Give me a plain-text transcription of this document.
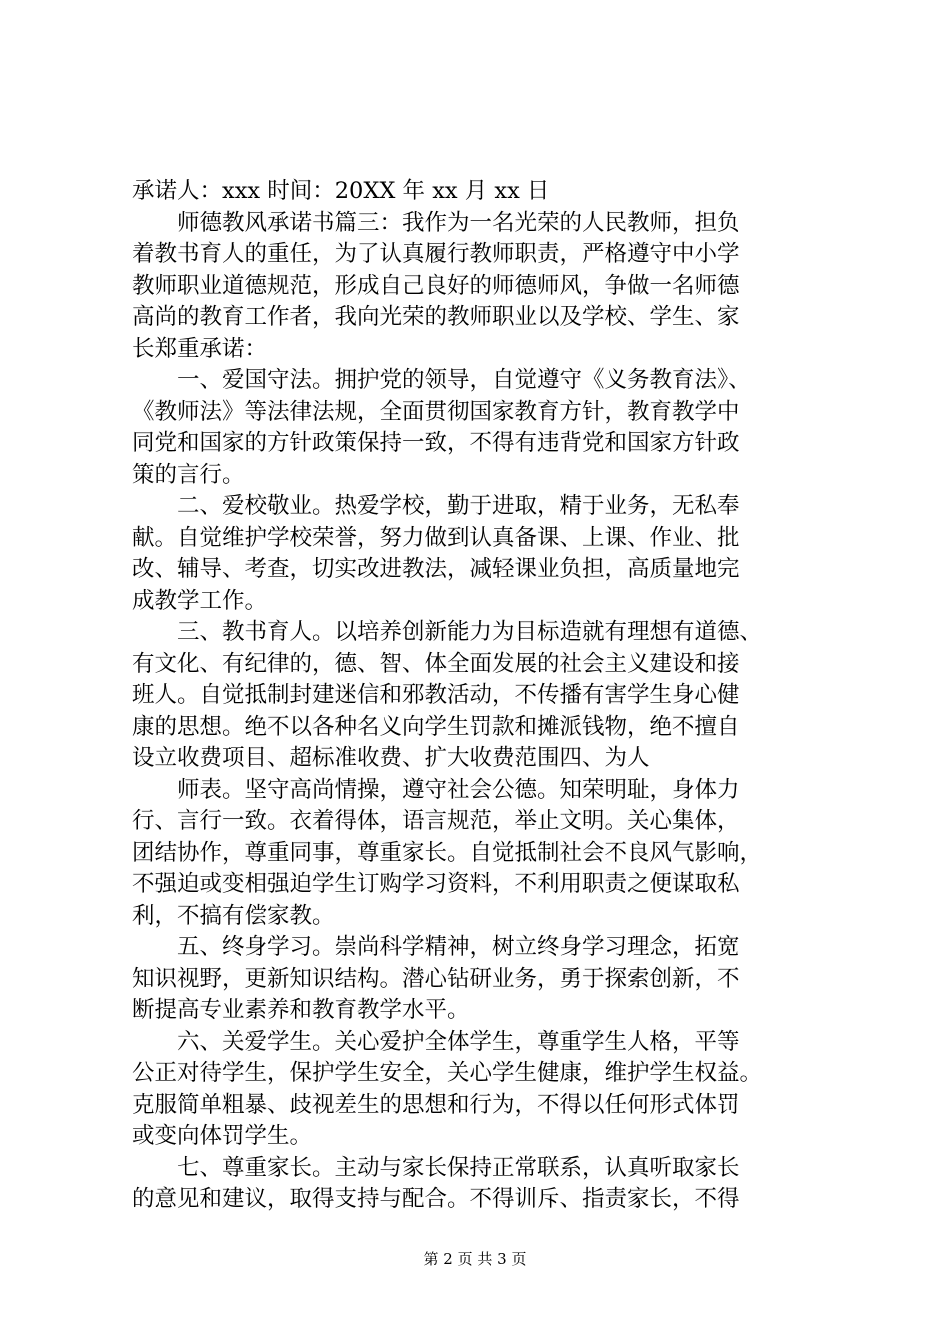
承诺人：xxx 时间：20XX 年 xx 月 xx 日
师德教风承诺书篇三：我作为一名光荣的人民教师，担负
着教书育人的重任，为了认真履行教师职责，严格遵守中小学
教师职业道德规范，形成自己良好的师德师风，争做一名师德
高尚的教育工作者，我向光荣的教师职业以及学校、学生、家
长郑重承诺：
一、爱国守法。拥护党的领导，自觉遵守《义务教育法》、
《教师法》等法律法规，全面贯彻国家教育方针，教育教学中
同党和国家的方针政策保持一致，不得有违背党和国家方针政
策的言行。
二、爱校敬业。热爱学校，勤于进取，精于业务，无私奉
献。自觉维护学校荣誉，努力做到认真备课、上课、作业、批
改、辅导、考查，切实改进教法，减轻课业负担，高质量地完
成教学工作。
三、教书育人。以培养创新能力为目标造就有理想有道德、
有文化、有纪律的，德、智、体全面发展的社会主义建设和接
班人。自觉抵制封建迷信和邪教活动，不传播有害学生身心健
康的思想。绝不以各种名义向学生罚款和摊派钱物，绝不擅自
设立收费项目、超标准收费、扩大收费范围四、为人
师表。坚守高尚情操，遵守社会公德。知荣明耻，身体力
行、言行一致。衣着得体，语言规范，举止文明。关心集体，
团结协作，尊重同事，尊重家长。自觉抵制社会不良风气影响，
不强迫或变相强迫学生订购学习资料，不利用职责之便谋取私
利，不搞有偿家教。
五、终身学习。崇尚科学精神，树立终身学习理念，拓宽
知识视野，更新知识结构。潜心钻研业务，勇于探索创新，不
断提高专业素养和教育教学水平。
六、关爱学生。关心爱护全体学生，尊重学生人格，平等
公正对待学生，保护学生安全，关心学生健康，维护学生权益。
克服简单粗暴、歧视差生的思想和行为，不得以任何形式体罚
或变向体罚学生。
七、尊重家长。主动与家长保持正常联系，认真听取家长
的意见和建议，取得支持与配合。不得训斥、指责家长，不得
第 2 页 共 3 页
